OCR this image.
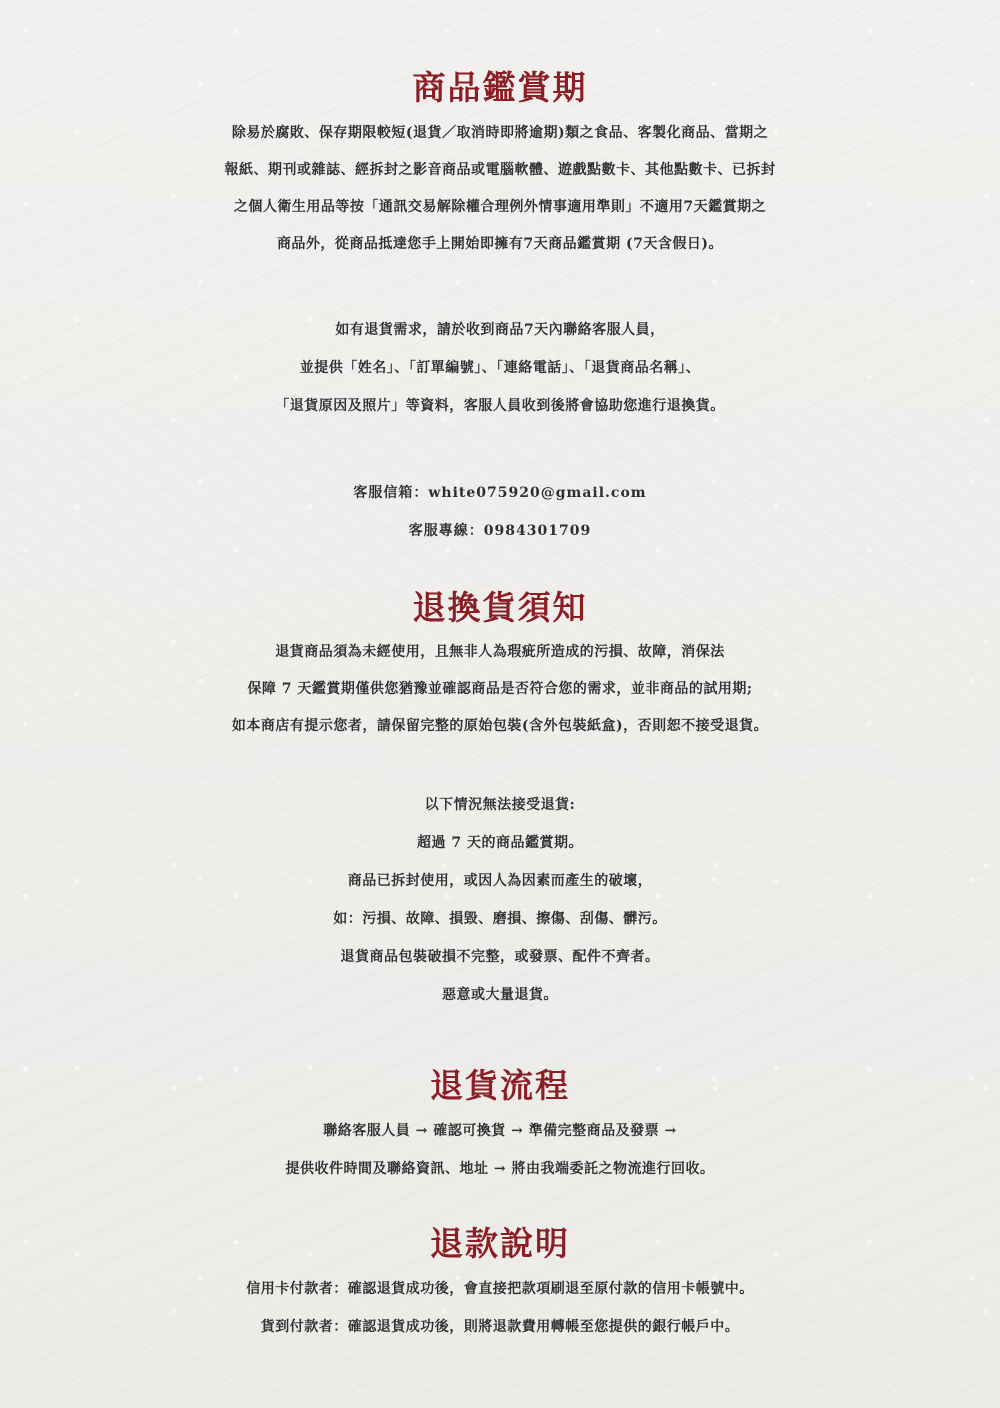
商品鑑賞期
除易於腐敗、保存期限較短(退貨／取消時即將逾期)類之食品、客製化商品、當期之
報紙、期刊或雜誌、經拆封之影音商品或電腦軟體、遊戲點數卡、其他點數卡、已拆封
之個人衛生用品等按「通訊交易解除權合理例外情事適用準則」不適用7天鑑賞期之
商品外，從商品抵達您手上開始即擁有7天商品鑑賞期 (7天含假日)。
如有退貨需求，請於收到商品7天內聯絡客服人員，
並提供「姓名」、「訂單編號」、「連絡電話」、「退貨商品名稱」、
「退貨原因及照片」等資料，客服人員收到後將會協助您進行退換貨。
客服信箱：white075920@gmail.com
客服專線：0984301709
退換貨須知
退貨商品須為未經使用，且無非人為瑕疵所造成的污損、故障，消保法
保障 7 天鑑賞期僅供您猶豫並確認商品是否符合您的需求，並非商品的試用期;
如本商店有提示您者，請保留完整的原始包裝(含外包裝紙盒)，否則恕不接受退貨。
以下情況無法接受退貨:
超過 7 天的商品鑑賞期。
商品已拆封使用，或因人為因素而產生的破壞，
如：污損、故障、損毀、磨損、擦傷、刮傷、髒污。
退貨商品包裝破損不完整，或發票、配件不齊者。
惡意或大量退貨。
退貨流程
聯絡客服人員 → 確認可換貨 → 準備完整商品及發票 →
提供收件時間及聯絡資訊、地址 → 將由我端委託之物流進行回收。
退款說明
信用卡付款者：確認退貨成功後，會直接把款項刷退至原付款的信用卡帳號中。
貨到付款者：確認退貨成功後，則將退款費用轉帳至您提供的銀行帳戶中。
